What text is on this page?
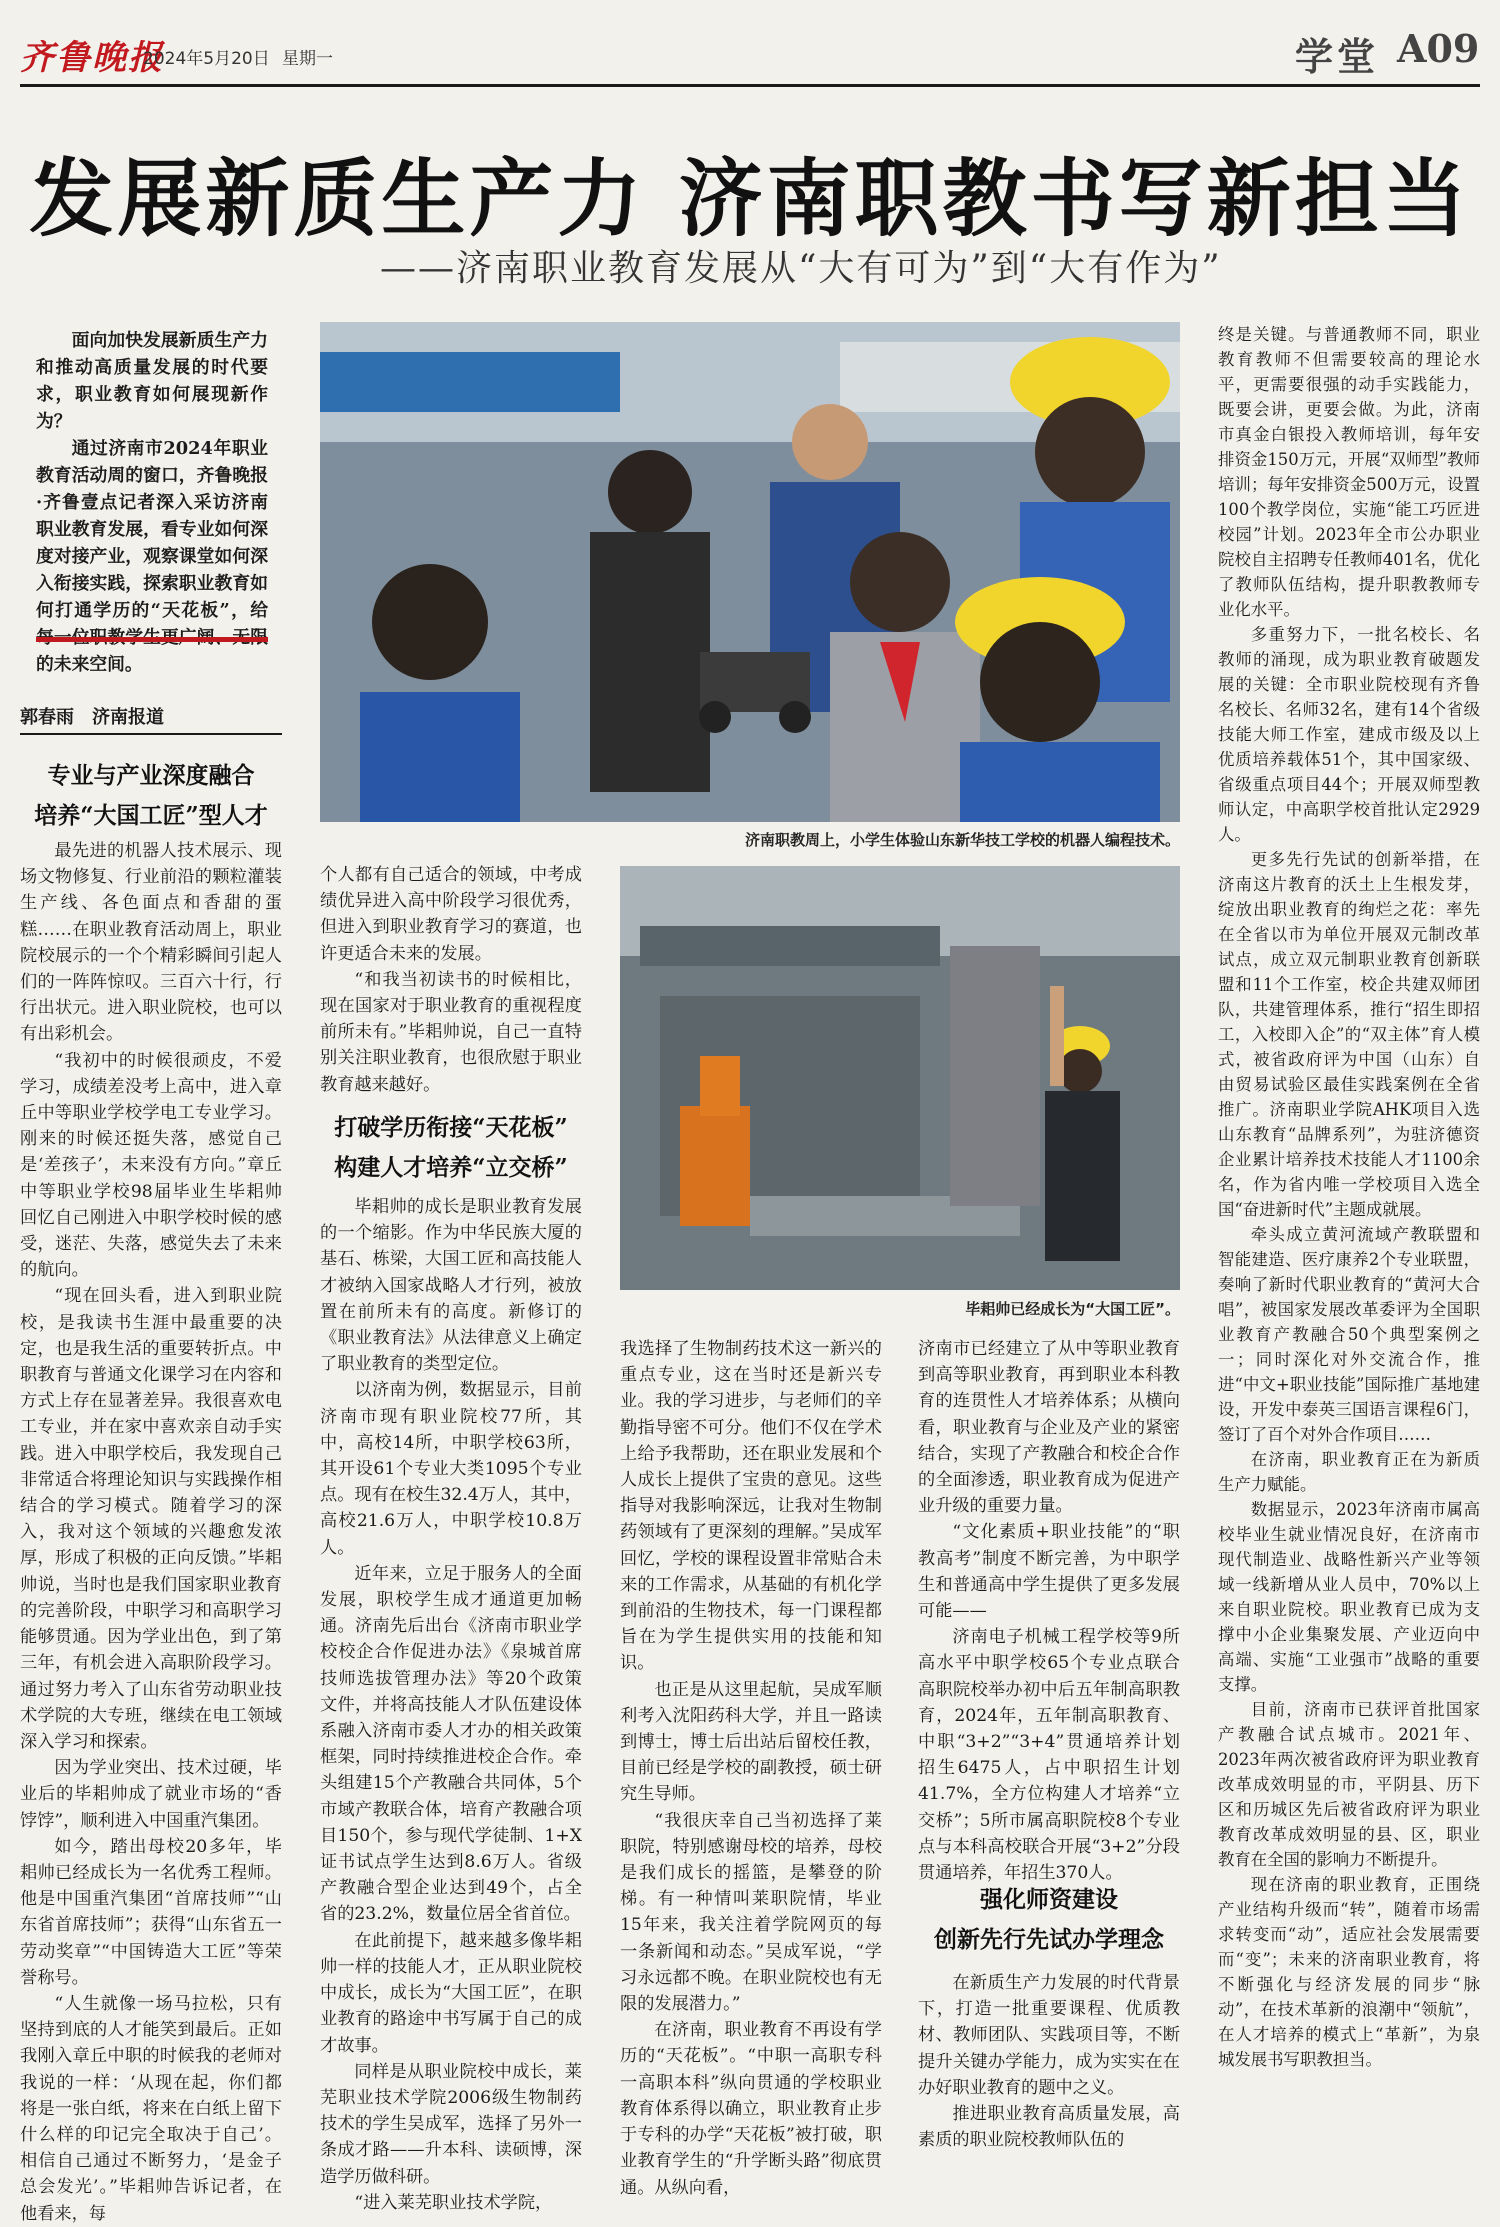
齐鲁晚报
2024年5月20日 星期一	学堂 A09
发展新质生产力 济南职教书写新担当
——济南职业教育发展从“大有可为”到“大有作为”

面向加快发展新质生产力和推动高质量发展的时代要求，职业教育如何展现新作为？

通过济南市2024年职业教育活动周的窗口，齐鲁晚报·齐鲁壹点记者深入采访济南职业教育发展，看专业如何深度对接产业，观察课堂如何深入衔接实践，探索职业教育如何打通学历的“天花板”，给 的未来空间。

郭春雨 济南报道
专业与产业深度融合
培养“大国工匠”型人才
济南职教周上，小学生体验山东新华技工学校的机器人编程技术。
毕耜帅已经成长为“大国工匠”。

最先进的机器人技术展示、现场文物修复、行业前沿的颗粒灌装生产线、各色面点和香甜的蛋糕……在职业教育活动周上，职业院校展示的一个个精彩瞬间引起人们的一阵阵惊叹。三百六十行，行行出状元。进入职业院校，也可以有出彩机会。

“我初中的时候很顽皮，不爱学习，成绩差没考上高中，进入章丘中等职业学校学电工专业学习。刚来的时候还挺失落，感觉自己是‘差孩子’，未来没有方向。”章丘中等职业学校98届毕业生毕耜帅回忆自己刚进入中职学校时候的感受，迷茫、失落，感觉失去了未来的航向。

“现在回头看，进入到职业院校，是我读书生涯中最重要的决定，也是我生活的重要转折点。中职教育与普通文化课学习在内容和方式上存在显著差异。我很喜欢电工专业，并在家中喜欢亲自动手实践。进入中职学校后，我发现自己非常适合将理论知识与实践操作相结合的学习模式。随着学习的深入，我对这个领域的兴趣愈发浓厚，形成了积极的正向反馈。”毕耜帅说，当时也是我们国家职业教育的完善阶段，中职学习和高职学习能够贯通。因为学业出色，到了第三年，有机会进入高职阶段学习。通过努力考入了山东省劳动职业技术学院的大专班，继续在电工领域深入学习和探索。

因为学业突出、技术过硬，毕业后的毕耜帅成了就业市场的“香饽饽”，顺利进入中国重汽集团。

如今，踏出母校20多年，毕耜帅已经成长为一名优秀工程师。他是中国重汽集团“首席技师”“山东省首席技师”；获得“山东省五一劳动奖章”“中国铸造大工匠”等荣誉称号。

“人生就像一场马拉松，只有坚持到底的人才能笑到最后。正如我刚入章丘中职的时候我的老师对我说的一样：‘从现在起，你们都将是一张白纸，将来在白纸上留下什么样的印记完全取决于自己’。相信自己通过不断努力，‘是金子总会发光’。”毕耜帅告诉记者，在他看来，每

个人都有自己适合的领域，中考成绩优异进入高中阶段学习很优秀，但进入到职业教育学习的赛道，也许更适合未来的发展。

“和我当初读书的时候相比，现在国家对于职业教育的重视程度前所未有。”毕耜帅说，自己一直特别关注职业教育，也很欣慰于职业教育越来越好。

打破学历衔接“天花板”
构建人才培养“立交桥”

毕耜帅的成长是职业教育发展的一个缩影。作为中华民族大厦的基石、栋梁，大国工匠和高技能人才被纳入国家战略人才行列，被放置在前所未有的高度。新修订的《职业教育法》从法律意义上确定了职业教育的类型定位。

以济南为例，数据显示，目前济南市现有职业院校77所，其中，高校14所，中职学校63所，其开设61个专业大类1095个专业点。现有在校生32.4万人，其中，高校21.6万人，中职学校10.8万人。

近年来，立足于服务人的全面发展，职校学生成才通道更加畅通。济南先后出台《济南市职业学校校企合作促进办法》《泉城首席技师选拔管理办法》等20个政策文件，并将高技能人才队伍建设体系融入济南市委人才办的相关政策框架，同时持续推进校企合作。牵头组建15个产教融合共同体，5个市域产教联合体，培育产教融合项目150个，参与现代学徒制、1+X证书试点学生达到8.6万人。省级产教融合型企业达到49个，占全省的23.2%，数量位居全省首位。

在此前提下，越来越多像毕耜帅一样的技能人才，正从职业院校中成长，成长为“大国工匠”，在职业教育的路途中书写属于自己的成才故事。

同样是从职业院校中成长，莱芜职业技术学院2006级生物制药技术的学生吴成军，选择了另外一条成才路——升本科、读硕博，深造学历做科研。

“进入莱芜职业技术学院，

我选择了生物制药技术这一新兴的重点专业，这在当时还是新兴专业。我的学习进步，与老师们的辛勤指导密不可分。他们不仅在学术上给予我帮助，还在职业发展和个人成长上提供了宝贵的意见。这些指导对我影响深远，让我对生物制药领域有了更深刻的理解。”吴成军回忆，学校的课程设置非常贴合未来的工作需求，从基础的有机化学到前沿的生物技术，每一门课程都旨在为学生提供实用的技能和知识。

也正是从这里起航，吴成军顺利考入沈阳药科大学，并且一路读到博士，博士后出站后留校任教，目前已经是学校的副教授，硕士研究生导师。

“我很庆幸自己当初选择了莱职院，特别感谢母校的培养，母校是我们成长的摇篮，是攀登的阶梯。有一种情叫莱职院情，毕业15年来，我关注着学院网页的每一条新闻和动态。”吴成军说，“学习永远都不晚。在职业院校也有无限的发展潜力。”

在济南，职业教育不再设有学历的“天花板”。“中职一高职专科一高职本科”纵向贯通的学校职业教育体系得以确立，职业教育止步于专科的办学“天花板”被打破，职业教育学生的“升学断头路”彻底贯通。从纵向看，

济南市已经建立了从中等职业教育到高等职业教育，再到职业本科教育的连贯性人才培养体系；从横向看，职业教育与企业及产业的紧密结合，实现了产教融合和校企合作的全面渗透，职业教育成为促进产业升级的重要力量。

“文化素质+职业技能”的“职教高考”制度不断完善，为中职学生和普通高中学生提供了更多发展可能——

济南电子机械工程学校等9所高水平中职学校65个专业点联合高职院校举办初中后五年制高职教育，2024年，五年制高职教育、中职“3+2”“3+4”贯通培养计划招生6475人，占中职招生计划41.7%，全方位构建人才培养“立交桥”；5所市属高职院校8个专业点与本科高校联合开展“3+2”分段贯通培养，年招生370人。

强化师资建设
创新先行先试办学理念

在新质生产力发展的时代背景下，打造一批重要课程、优质教材、教师团队、实践项目等，不断提升关键办学能力，成为实实在在办好职业教育的题中之义。

推进职业教育高质量发展，高素质的职业院校教师队伍的

终是关键。与普通教师不同，职业教育教师不但需要较高的理论水平，更需要很强的动手实践能力，既要会讲，更要会做。为此，济南市真金白银投入教师培训，每年安排资金150万元，开展“双师型”教师培训；每年安排资金500万元，设置100个教学岗位，实施“能工巧匠进校园”计划。2023年全市公办职业院校自主招聘专任教师401名，优化了教师队伍结构，提升职教教师专业化水平。

多重努力下，一批名校长、名教师的涌现，成为职业教育破题发展的关键：全市职业院校现有齐鲁名校长、名师32名，建有14个省级技能大师工作室，建成市级及以上优质培养载体51个，其中国家级、省级重点项目44个；开展双师型教师认定，中高职学校首批认定2929人。

更多先行先试的创新举措，在济南这片教育的沃土上生根发芽，绽放出职业教育的绚烂之花：率先在全省以市为单位开展双元制改革试点，成立双元制职业教育创新联盟和11个工作室，校企共建双师团队，共建管理体系，推行“招生即招工，入校即入企”的“双主体”育人模式，被省政府评为中国（山东）自由贸易试验区最佳实践案例在全省推广。济南职业学院AHK项目入选山东教育“品牌系列”，为驻济德资企业累计培养技术技能人才1100余名，作为省内唯一学校项目入选全国“奋进新时代”主题成就展。

牵头成立黄河流域产教联盟和智能建造、医疗康养2个专业联盟，奏响了新时代职业教育的“黄河大合唱”，被国家发展改革委评为全国职业教育产教融合50个典型案例之一；同时深化对外交流合作，推进“中文+职业技能”国际推广基地建设，开发中泰英三国语言课程6门，签订了百个对外合作项目……

在济南，职业教育正在为新质生产力赋能。

数据显示，2023年济南市属高校毕业生就业情况良好，在济南市现代制造业、战略性新兴产业等领域一线新增从业人员中，70%以上来自职业院校。职业教育已成为支撑中小企业集聚发展、产业迈向中高端、实施“工业强市”战略的重要支撑。

目前，济南市已获评首批国家产教融合试点城市。2021年、2023年两次被省政府评为职业教育改革成效明显的市，平阴县、历下区和历城区先后被省政府评为职业教育改革成效明显的县、区，职业教育在全国的影响力不断提升。

现在济南的职业教育，正围绕产业结构升级而“转”，随着市场需求转变而“动”，适应社会发展需要而“变”；未来的济南职业教育，将不断强化与经济发展的同步“脉动”，在技术革新的浪潮中“领航”，在人才培养的模式上“革新”，为泉城发展书写职教担当。
